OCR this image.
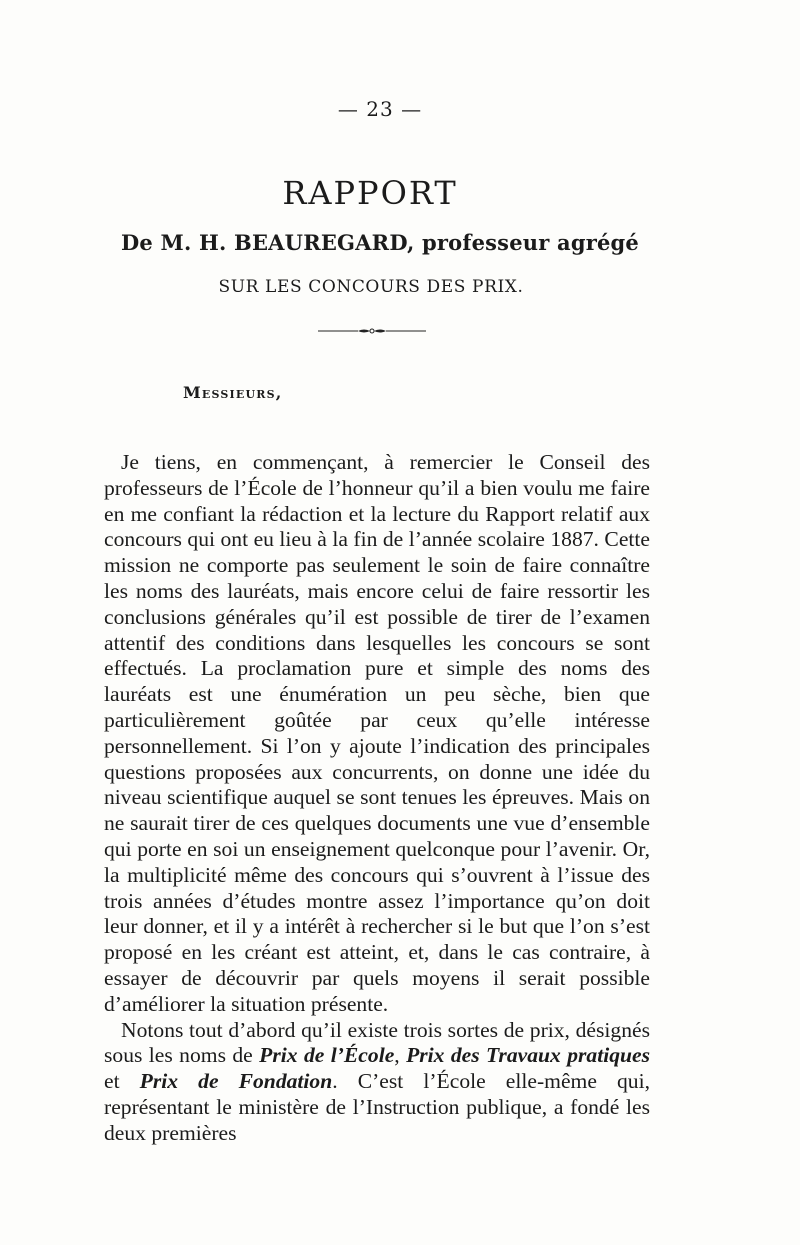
— 23 —
RAPPORT
De M. H. BEAUREGARD, professeur agrégé
SUR LES CONCOURS DES PRIX.
Messieurs,

Je tiens, en commençant, à remercier le Conseil des professeurs de l’École de l’honneur qu’il a bien voulu me faire en me confiant la rédaction et la lecture du Rapport relatif aux concours qui ont eu lieu à la fin de l’année scolaire 1887. Cette mission ne comporte pas seulement le soin de faire connaître les noms des lauréats, mais encore celui de faire ressortir les conclusions générales qu’il est possible de tirer de l’examen attentif des conditions dans lesquelles les concours se sont effectués. La proclamation pure et simple des noms des lauréats est une énumération un peu sèche, bien que particulièrement goûtée par ceux qu’elle intéresse personnellement. Si l’on y ajoute l’indication des principales questions proposées aux concurrents, on donne une idée du niveau scientifique auquel se sont tenues les épreuves. Mais on ne saurait tirer de ces quelques documents une vue d’ensemble qui porte en soi un enseignement quelconque pour l’avenir. Or, la multiplicité même des concours qui s’ouvrent à l’issue des trois années d’études montre assez l’importance qu’on doit leur donner, et il y a intérêt à rechercher si le but que l’on s’est proposé en les créant est atteint, et, dans le cas contraire, à essayer de découvrir par quels moyens il serait possible d’améliorer la situation présente.

Notons tout d’abord qu’il existe trois sortes de prix, désignés sous les noms de Prix de l’École, Prix des Travaux pratiques et Prix de Fondation. C’est l’École elle-même qui, représentant le ministère de l’Instruction publique, a fondé les deux premières
